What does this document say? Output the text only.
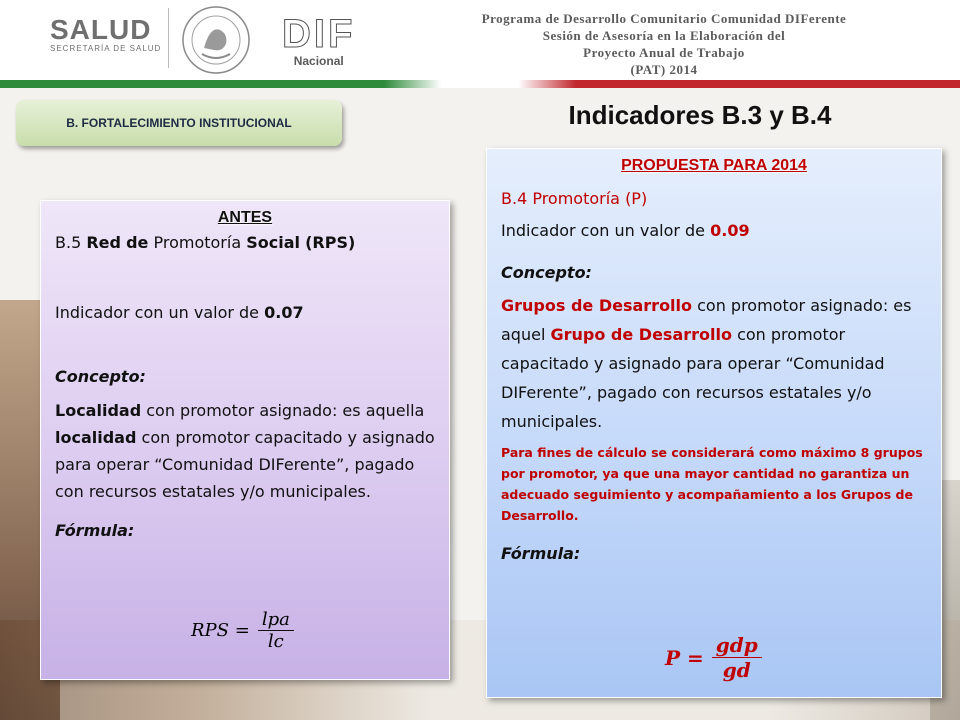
SALUD
SECRETARÍA DE SALUD	DIF
Nacional
Programa de Desarrollo Comunitario Comunidad DIFerente
Sesión de Asesoría en la Elaboración del
Proyecto Anual de Trabajo
(PAT) 2014
B. FORTALECIMIENTO INSTITUCIONAL	Indicadores B.3 y B.4
ANTES

B.5 Red de Promotoría Social (RPS)

Indicador con un valor de 0.07

Concepto:

Localidad con promotor asignado: es aquella localidad con promotor capacitado y asignado para operar “Comunidad DIFerente”, pagado con recursos estatales y/o municipales.

Fórmula:

RPS = $\frac{\text{lpa}}{lc}$
PROPUESTA PARA 2014

B.4 Promotoría (P)

Indicador con un valor de 0.09

Concepto:

Grupos de Desarrollo con promotor asignado: es aquel Grupo de Desarrollo con promotor capacitado y asignado para operar “Comunidad DIFerente”, pagado con recursos estatales y/o municipales.

Para fines de cálculo se considerará como máximo 8 grupos por promotor, ya que una mayor cantidad no garantiza un adecuado seguimiento y acompañamiento a los Grupos de Desarrollo.

Fórmula:

$P = \frac{\text{gdp}}{gd}$
